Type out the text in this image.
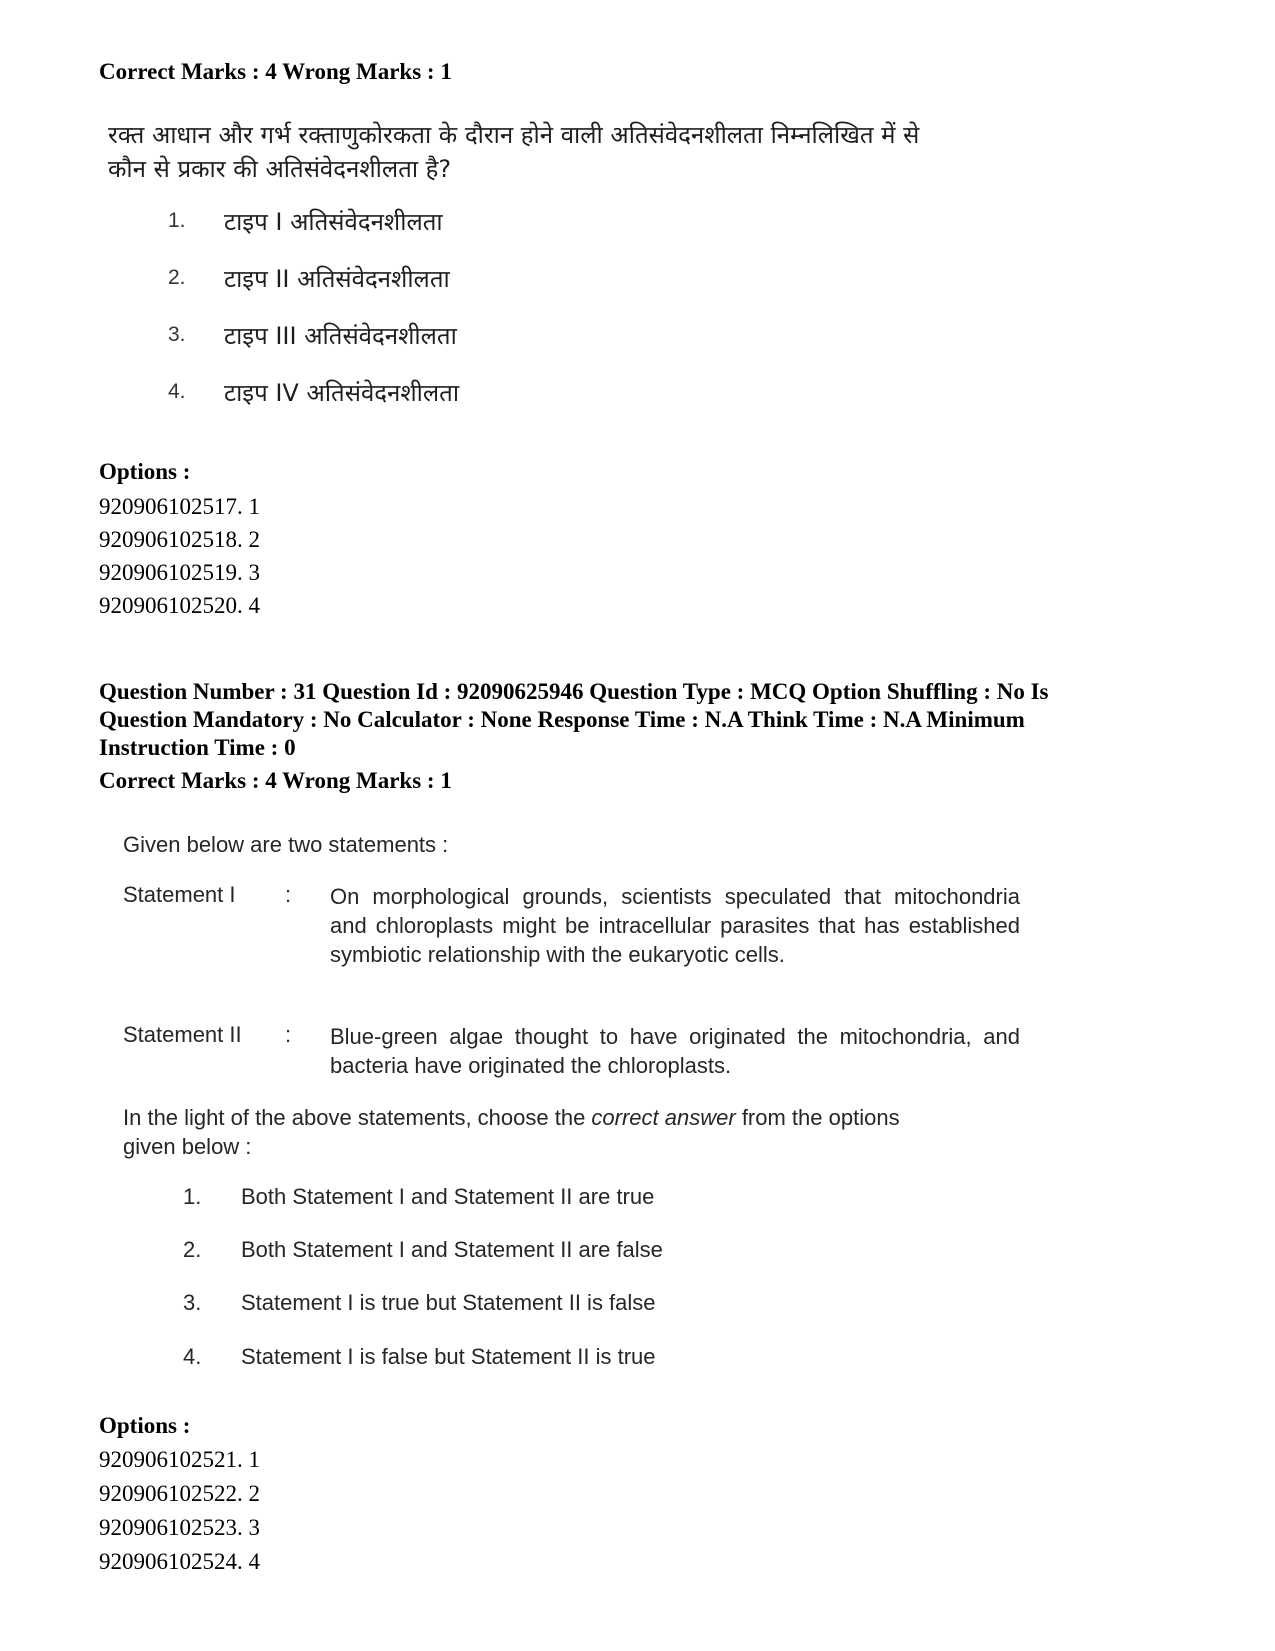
Correct Marks : 4 Wrong Marks : 1
रक्त आधान और गर्भ रक्ताणुकोरकता के दौरान होने वाली अतिसंवेदनशीलता निम्नलिखित में से
कौन से प्रकार की अतिसंवेदनशीलता है?
1. टाइप I अतिसंवेदनशीलता
2. टाइप II अतिसंवेदनशीलता
3. टाइप III अतिसंवेदनशीलता
4. टाइप IV अतिसंवेदनशीलता
Options :
920906102517. 1
920906102518. 2
920906102519. 3
920906102520. 4
Question Number : 31 Question Id : 92090625946 Question Type : MCQ Option Shuffling : No Is
Question Mandatory : No Calculator : None Response Time : N.A Think Time : N.A Minimum
Instruction Time : 0
Correct Marks : 4 Wrong Marks : 1
Given below are two statements :
Statement I : On morphological grounds, scientists speculated that mitochondria and chloroplasts might be intracellular parasites that has established symbiotic relationship with the eukaryotic cells.
Statement II : Blue-green algae thought to have originated the mitochondria, and bacteria have originated the chloroplasts.
In the light of the above statements, choose the correct answer from the options
given below :
1. Both Statement I and Statement II are true
2. Both Statement I and Statement II are false
3. Statement I is true but Statement II is false
4. Statement I is false but Statement II is true
Options :
920906102521. 1
920906102522. 2
920906102523. 3
920906102524. 4
